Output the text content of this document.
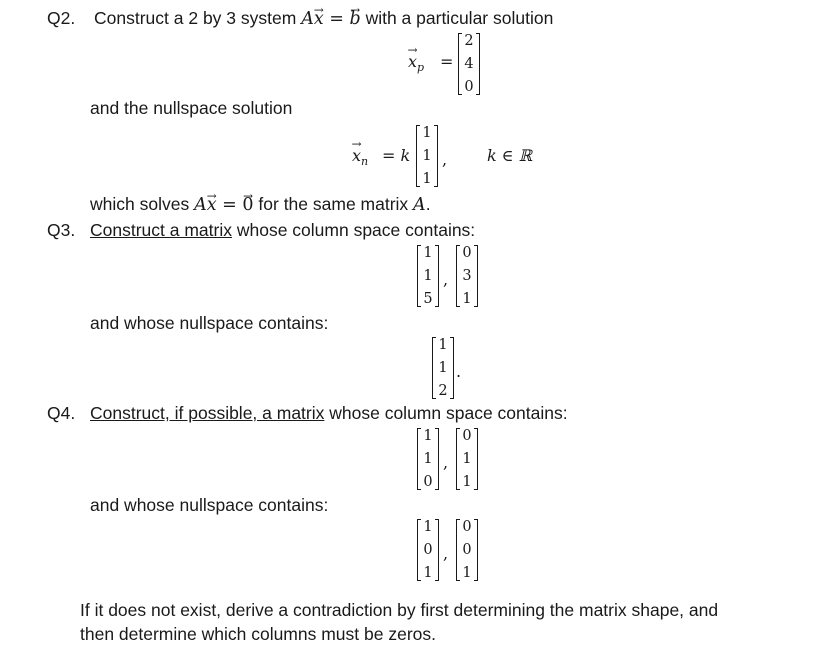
Q2. Construct a 2 by 3 system A→ x = → b with a particular solution
→ $x_p$ =
2
4
0
and the nullspace solution
→ $x_n = k$
1
1
1
, k ∈ ℝ
which solves A→ x = → 0 for the same matrix A.
Q3. Construct a matrix whose column space contains:
1
1
5
,
0
3
1
and whose nullspace contains:
1
1
2
.
Q4. Construct, if possible, a matrix whose column space contains:
1
1
0
,
0
1
1
and whose nullspace contains:
1
0
1
,
0
0
1
If it does not exist, derive a contradiction by first determining the matrix shape, and
then determine which columns must be zeros.
